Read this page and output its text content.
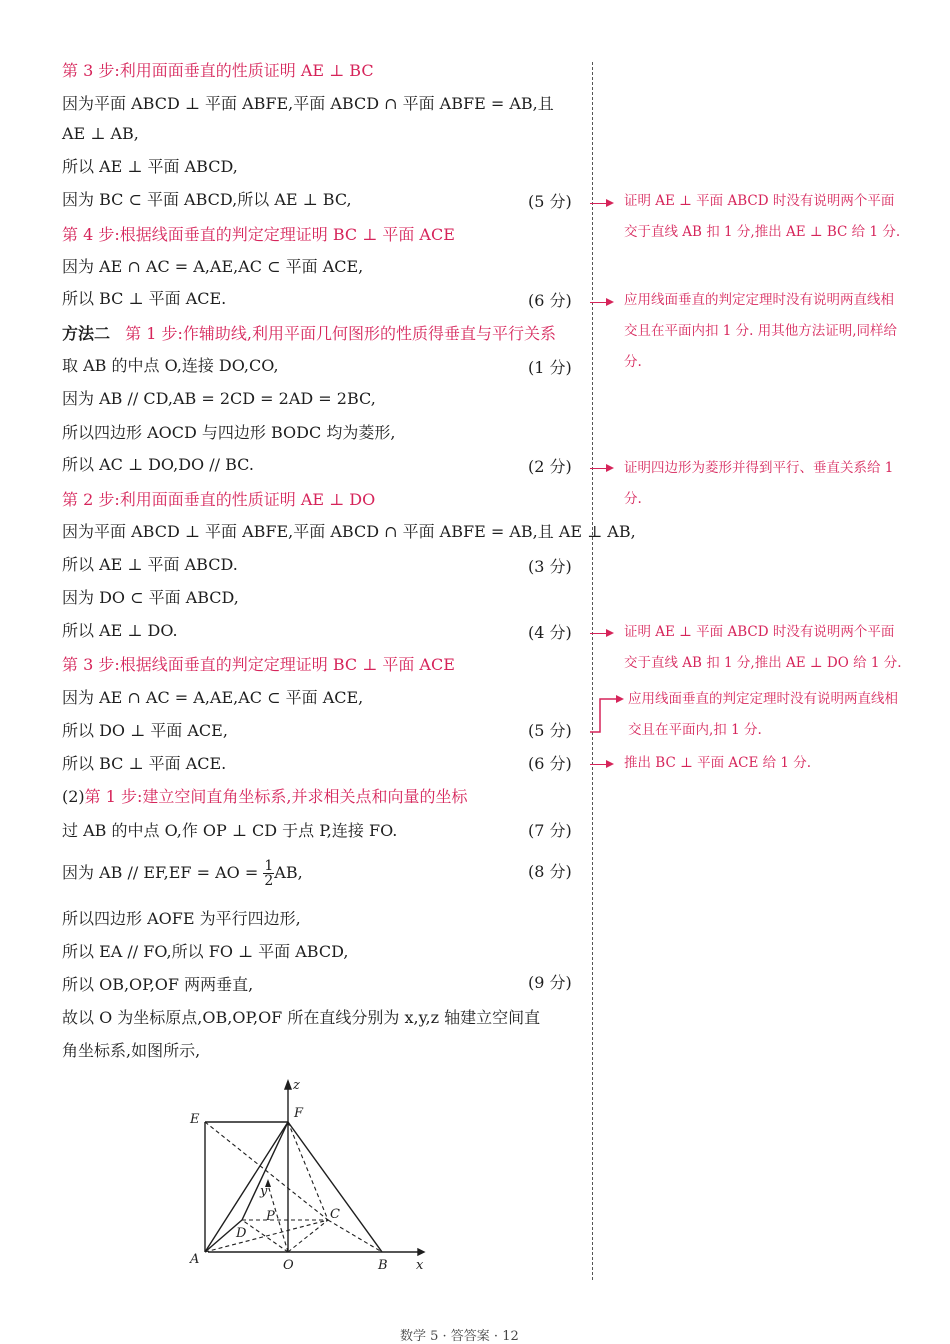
第 3 步:利用面面垂直的性质证明 AE ⊥ BC
因为平面 ABCD ⊥ 平面 ABFE,平面 ABCD ∩ 平面 ABFE = AB,且
AE ⊥ AB,
所以 AE ⊥ 平面 ABCD,
因为 BC ⊂ 平面 ABCD,所以 AE ⊥ BC,	(5 分)
第 4 步:根据线面垂直的判定定理证明 BC ⊥ 平面 ACE
因为 AE ∩ AC = A,AE,AC ⊂ 平面 ACE,
所以 BC ⊥ 平面 ACE.	(6 分)
方法二 第 1 步:作辅助线,利用平面几何图形的性质得垂直与平行关系
取 AB 的中点 O,连接 DO,CO,	(1 分)
因为 AB // CD,AB = 2CD = 2AD = 2BC,
所以四边形 AOCD 与四边形 BODC 均为菱形,
所以 AC ⊥ DO,DO // BC.	(2 分)
第 2 步:利用面面垂直的性质证明 AE ⊥ DO
因为平面 ABCD ⊥ 平面 ABFE,平面 ABCD ∩ 平面 ABFE = AB,且 AE ⊥ AB,
所以 AE ⊥ 平面 ABCD.	(3 分)
因为 DO ⊂ 平面 ABCD,
所以 AE ⊥ DO.	(4 分)
第 3 步:根据线面垂直的判定定理证明 BC ⊥ 平面 ACE
因为 AE ∩ AC = A,AE,AC ⊂ 平面 ACE,
所以 DO ⊥ 平面 ACE,	(5 分)
所以 BC ⊥ 平面 ACE.	(6 分)
(2)第 1 步:建立空间直角坐标系,并求相关点和向量的坐标
过 AB 的中点 O,作 OP ⊥ CD 于点 P,连接 FO.	(7 分)
因为 AB // EF,EF = AO = $\frac{1}{2}$ AB,	(8 分)
所以四边形 AOFE 为平行四边形,
所以 EA // FO,所以 FO ⊥ 平面 ABCD,
所以 OB,OP,OF 两两垂直,	(9 分)
故以 O 为坐标原点,OB,OP,OF 所在直线分别为 x,y,z 轴建立空间直
角坐标系,如图所示,
z
x
y
E	F
A	O	B
C
D
P
证明 AE ⊥ 平面 ABCD 时没有说明两个平面交于直线 AB 扣 1 分,推出 AE ⊥ BC 给 1 分.
应用线面垂直的判定定理时没有说明两直线相交且在平面内扣 1 分. 用其他方法证明,同样给分.
证明四边形为菱形并得到平行、垂直关系给 1 分.
证明 AE ⊥ 平面 ABCD 时没有说明两个平面交于直线 AB 扣 1 分,推出 AE ⊥ DO 给 1 分.
应用线面垂直的判定定理时没有说明两直线相交且在平面内,扣 1 分.
推出 BC ⊥ 平面 ACE 给 1 分.
数学 5 · 答答案 · 12
